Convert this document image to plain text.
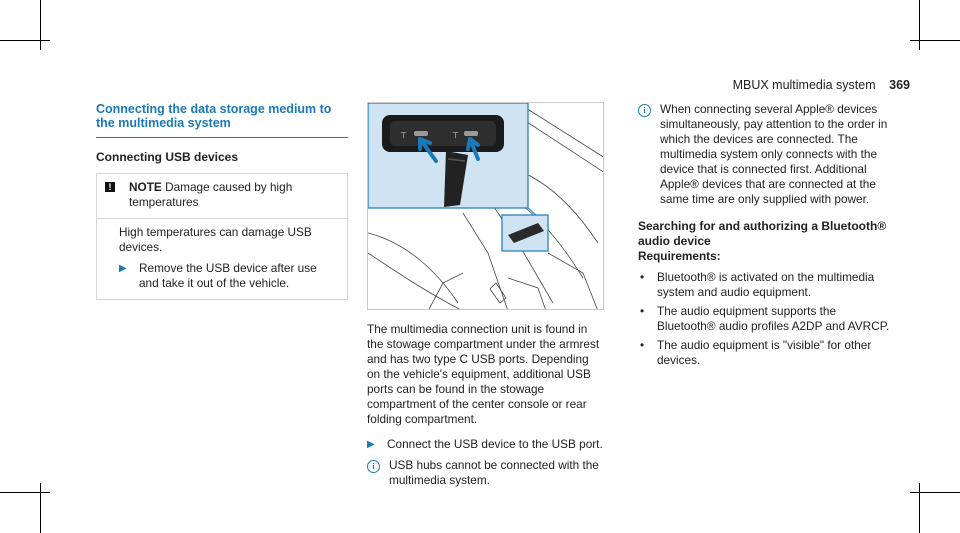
MBUX multimedia system 369
Connecting the data storage medium to the multimedia system
Connecting USB devices
! NOTE Damage caused by high temperatures

High temperatures can damage USB devices.

▶	Remove the USB device after use and take it out of the vehicle.
⊤	⊤

The multimedia connection unit is found in the stowage compartment under the armrest and has two type C USB ports. Depending on the vehicle's equipment, additional USB ports can be found in the stowage compartment of the center console or rear folding compartment.

▶	Connect the USB device to the USB port.
i	USB hubs cannot be connected with the multimedia system.
i	When connecting several Apple® devices simultaneously, pay attention to the order in which the devices are connected. The multimedia system only connects with the device that is connected first. Additional Apple® devices that are connected at the same time are only supplied with power.
Searching for and authorizing a Bluetooth® audio device
Requirements:
•	Bluetooth® is activated on the multimedia system and audio equipment.
•	The audio equipment supports the Bluetooth® audio profiles A2DP and AVRCP.
•	The audio equipment is "visible" for other devices.
